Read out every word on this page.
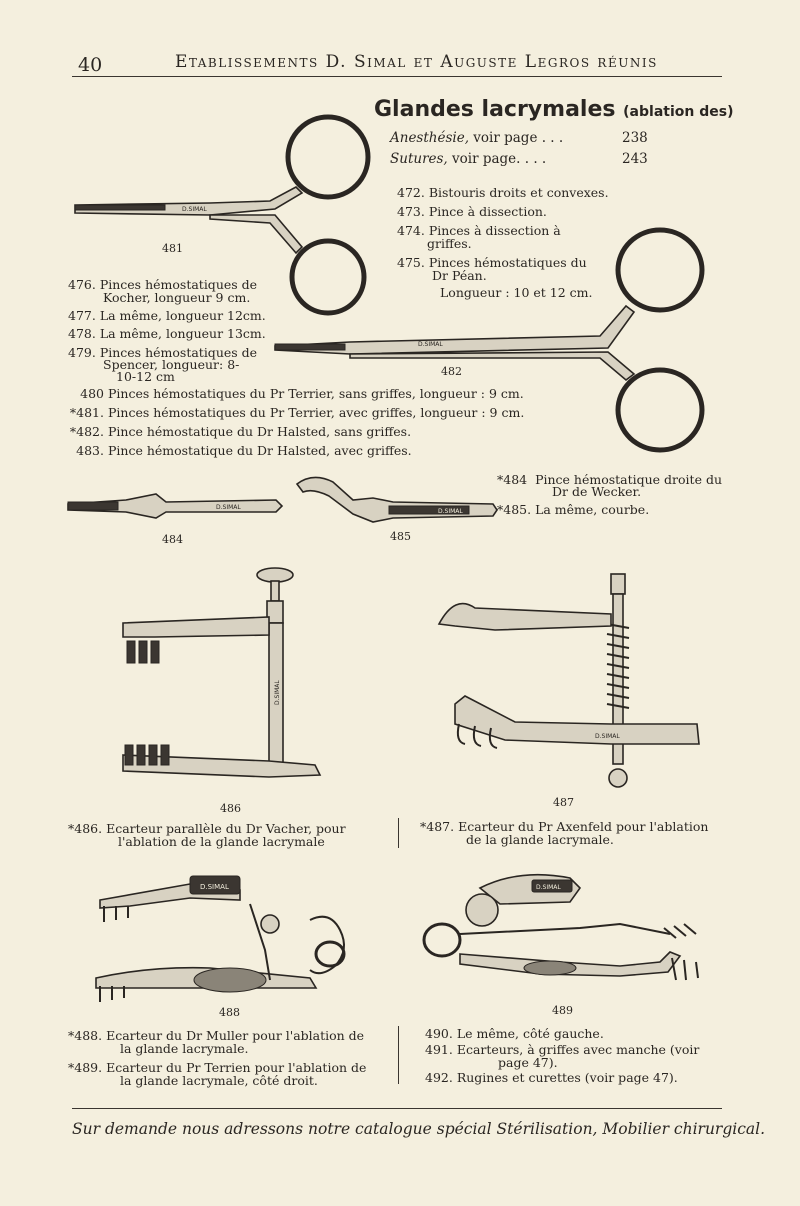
40	Etablissements D. Simal et Auguste Legros réunis
Glandes lacrymales (ablation des)
Anesthésie, voir page . . .	238
Sutures, voir page. . . .	243
D.SIMAL
481
472. Bistouris droits et convexes.
473. Pince à dissection.
474. Pinces à dissection à
griffes.
475. Pinces hémostatiques du
Dr Péan.
Longueur : 10 et 12 cm.
D.SIMAL
482
476. Pinces hémostatiques de
Kocher, longueur 9 cm.
477. La même, longueur 12cm.
478. La même, longueur 13cm.
479. Pinces hémostatiques de
Spencer, longueur: 8-
10-12 cm
480 Pinces hémostatiques du Pr Terrier, sans griffes, longueur : 9 cm.
*481. Pinces hémostatiques du Pr Terrier, avec griffes, longueur : 9 cm.
*482. Pince hémostatique du Dr Halsted, sans griffes.
483. Pince hémostatique du Dr Halsted, avec griffes.
D.SIMAL
484
D.SIMAL
485
*484 Pince hémostatique droite du
Dr de Wecker.
*485. La même, courbe.
D.SIMAL
486
D.SIMAL
487
*486. Ecarteur parallèle du Dr Vacher, pour
l'ablation de la glande lacrymale
*487. Ecarteur du Pr Axenfeld pour l'ablation
de la glande lacrymale.
D.SIMAL
488
D.SIMAL
489
*488. Ecarteur du Dr Muller pour l'ablation de
la glande lacrymale.
*489. Ecarteur du Pr Terrien pour l'ablation de
la glande lacrymale, côté droit.
490. Le même, côté gauche.
491. Ecarteurs, à griffes avec manche (voir
page 47).
492. Rugines et curettes (voir page 47).
Sur demande nous adressons notre catalogue spécial Stérilisation, Mobilier chirurgical.
